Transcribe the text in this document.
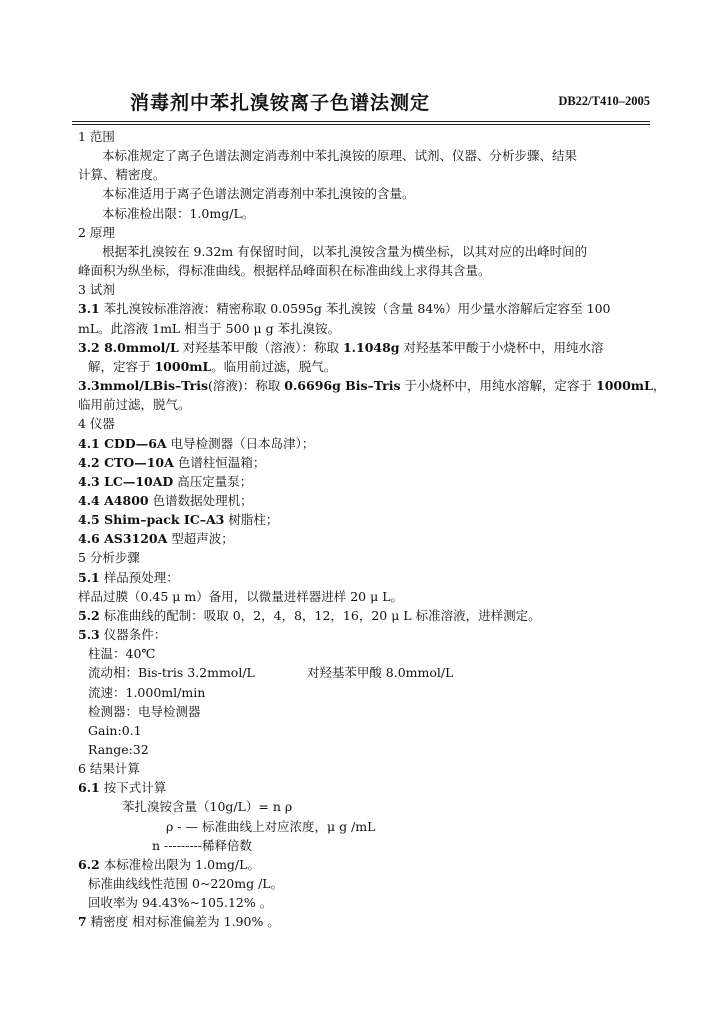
消毒剂中苯扎溴铵离子色谱法测定	DB22/T410–2005
1 范围
本标准规定了离子色谱法测定消毒剂中苯扎溴铵的原理、试剂、仪器、分析步骤、结果
计算、精密度。
本标准适用于离子色谱法测定消毒剂中苯扎溴铵的含量。
本标准检出限：1.0mg/L。
2 原理
根据苯扎溴铵在 9.32m 有保留时间，以苯扎溴铵含量为横坐标，以其对应的出峰时间的
峰面积为纵坐标，得标准曲线。根据样品峰面积在标准曲线上求得其含量。
3 试剂
3.1 苯扎溴铵标准溶液：精密称取 0.0595g 苯扎溴铵（含量 84%）用少量水溶解后定容至 100
mL。此溶液 1mL 相当于 500 μ g 苯扎溴铵。
3.2 8.0mmol/L 对羟基苯甲酸（溶液）：称取 1.1048g 对羟基苯甲酸于小烧杯中，用纯水溶
解，定容于 1000mL。临用前过滤，脱气。
3.3mmol/LBis–Tris(溶液)：称取 0.6696g Bis–Tris 于小烧杯中，用纯水溶解，定容于 1000mL，
临用前过滤，脱气。
4 仪器
4.1 CDD—6A 电导检测器（日本岛津）；
4.2 CTO—10A 色谱柱恒温箱；
4.3 LC—10AD 高压定量泵；
4.4 A4800 色谱数据处理机；
4.5 Shim–pack IC–A3 树脂柱；
4.6 AS3120A 型超声波；
5 分析步骤
5.1 样品预处理：
样品过膜（0.45 μ m）备用，以微量进样器进样 20 μ L。
5.2 标准曲线的配制：吸取 0，2，4，8，12，16，20 μ L 标准溶液，进样测定。
5.3 仪器条件：
柱温：40℃
流动相：Bis-tris 3.2mmol/L	对羟基苯甲酸 8.0mmol/L
流速：1.000ml/min
检测器：电导检测器
Gain:0.1
Range:32
6 结果计算
6.1 按下式计算
苯扎溴铵含量（10g/L）= n ρ
ρ - — 标准曲线上对应浓度，μ g /mL
n ---------稀释倍数
6.2 本标准检出限为 1.0mg/L。
标准曲线线性范围 0~220mg /L。
回收率为 94.43%~105.12% 。
7 精密度 相对标准偏差为 1.90% 。
